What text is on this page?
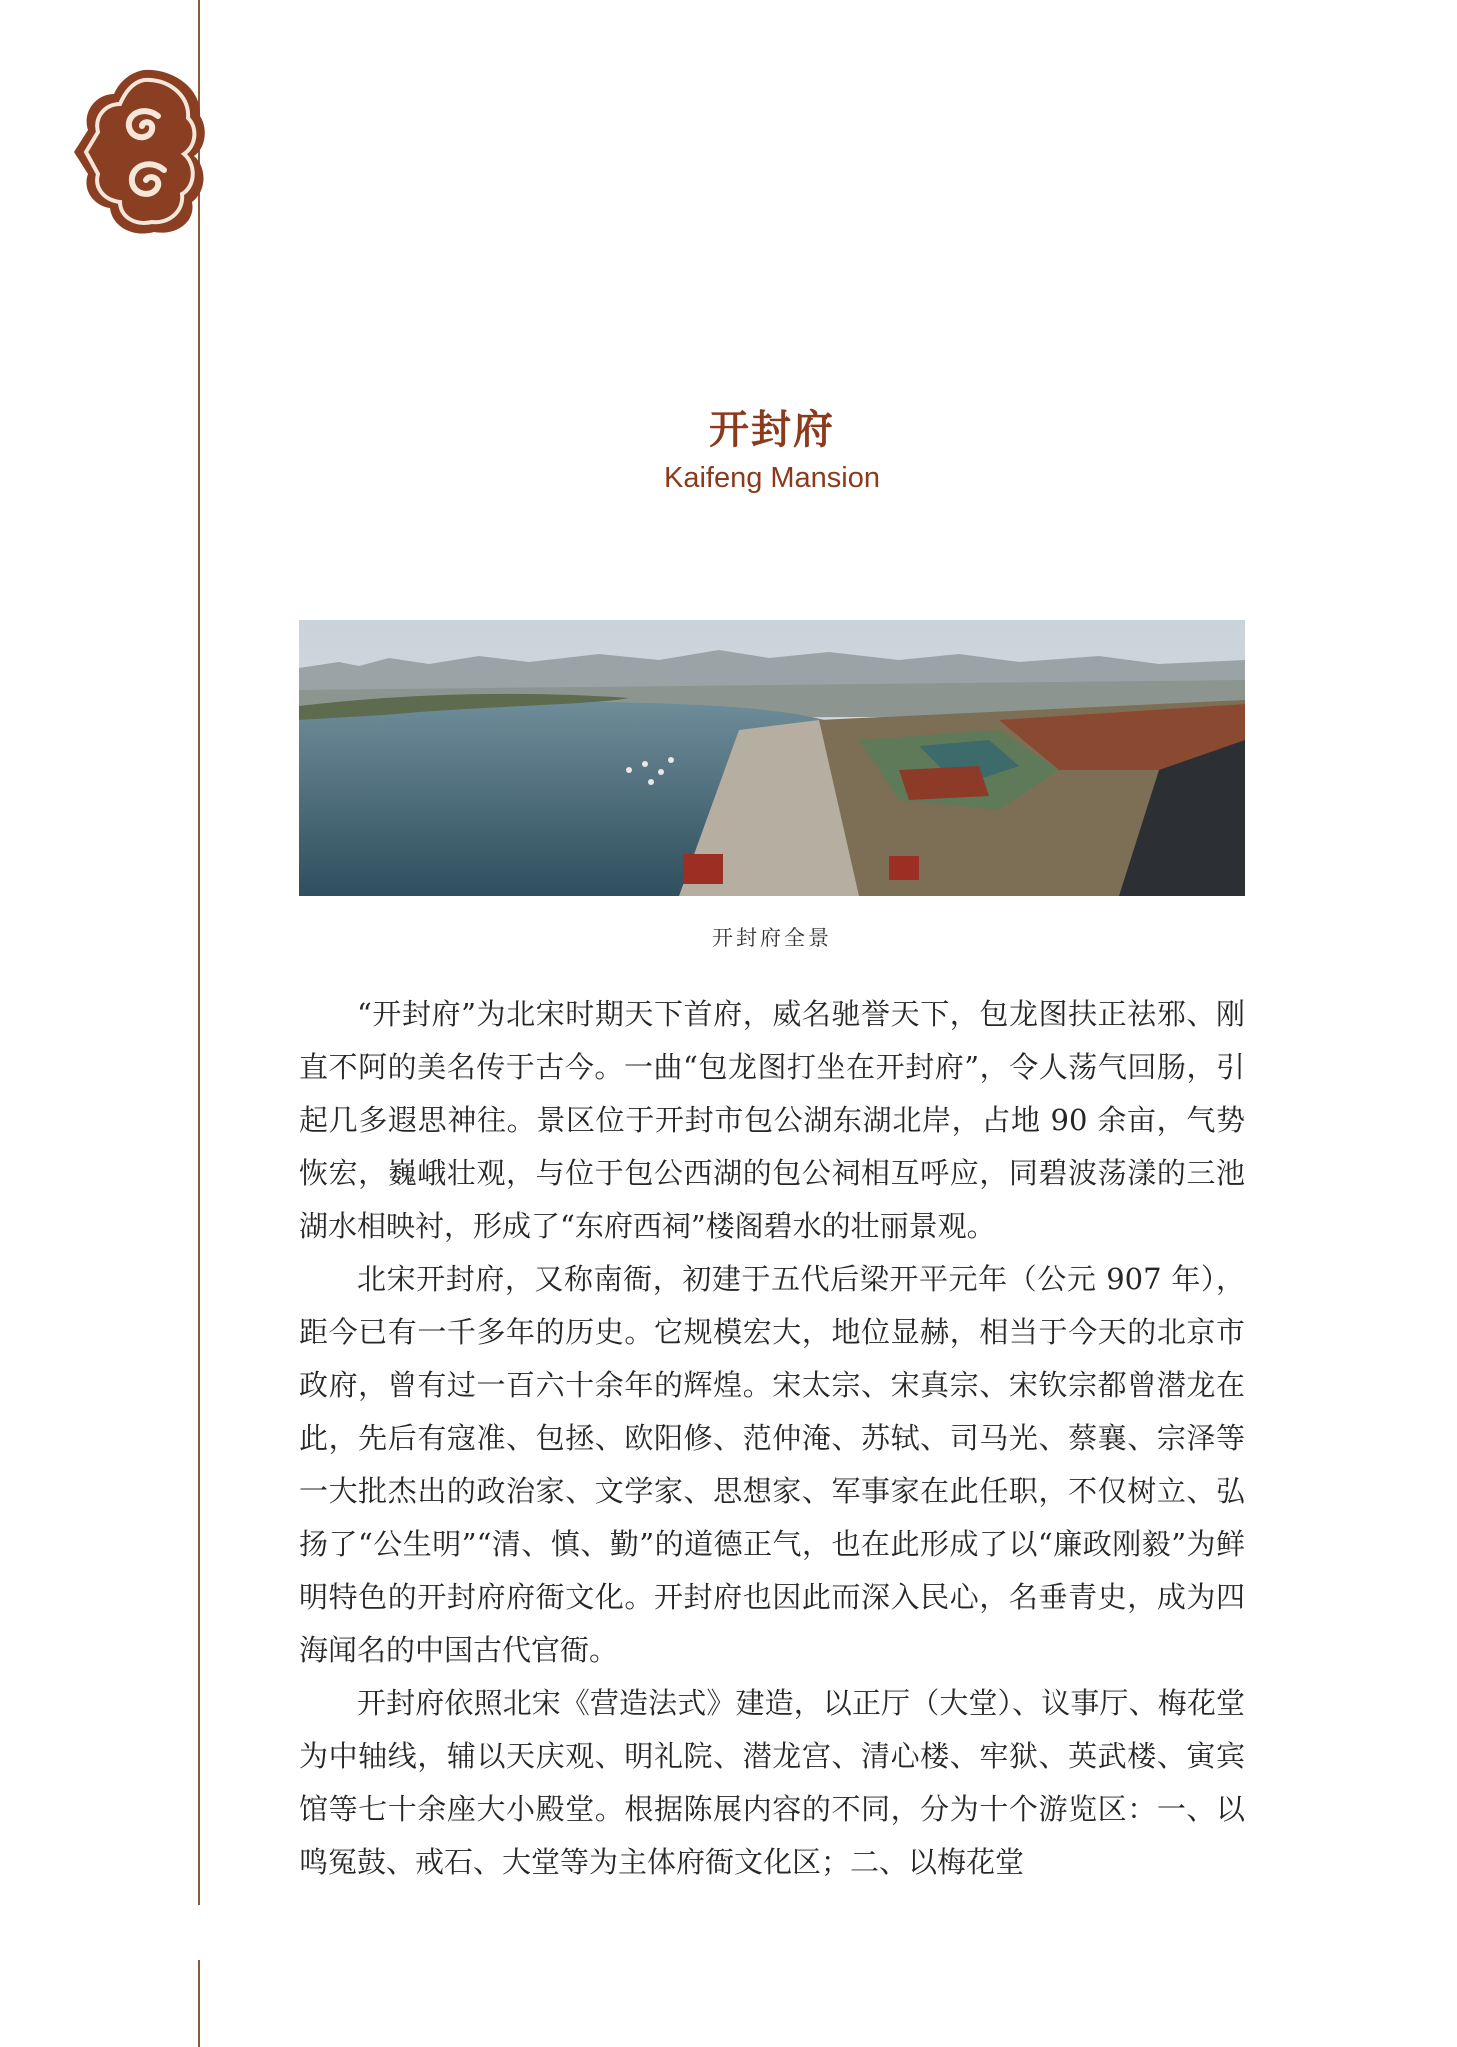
开封府
Kaifeng Mansion
开封府全景

“开封府”为北宋时期天下首府，威名驰誉天下，包龙图扶正祛邪、刚直不阿的美名传于古今。一曲“包龙图打坐在开封府”，令人荡气回肠，引起几多遐思神往。景区位于开封市包公湖东湖北岸，占地 90 余亩，气势恢宏，巍峨壮观，与位于包公西湖的包公祠相互呼应，同碧波荡漾的三池湖水相映衬，形成了“东府西祠”楼阁碧水的壮丽景观。

北宋开封府，又称南衙，初建于五代后梁开平元年（公元 907 年），距今已有一千多年的历史。它规模宏大，地位显赫，相当于今天的北京市政府，曾有过一百六十余年的辉煌。宋太宗、宋真宗、宋钦宗都曾潜龙在此，先后有寇准、包拯、欧阳修、范仲淹、苏轼、司马光、蔡襄、宗泽等一大批杰出的政治家、文学家、思想家、军事家在此任职，不仅树立、弘扬了“公生明”“清、慎、勤”的道德正气，也在此形成了以“廉政刚毅”为鲜明特色的开封府府衙文化。开封府也因此而深入民心，名垂青史，成为四海闻名的中国古代官衙。

开封府依照北宋《营造法式》建造，以正厅（大堂）、议事厅、梅花堂为中轴线，辅以天庆观、明礼院、潜龙宫、清心楼、牢狱、英武楼、寅宾馆等七十余座大小殿堂。根据陈展内容的不同，分为十个游览区：一、以鸣冤鼓、戒石、大堂等为主体府衙文化区；二、以梅花堂
